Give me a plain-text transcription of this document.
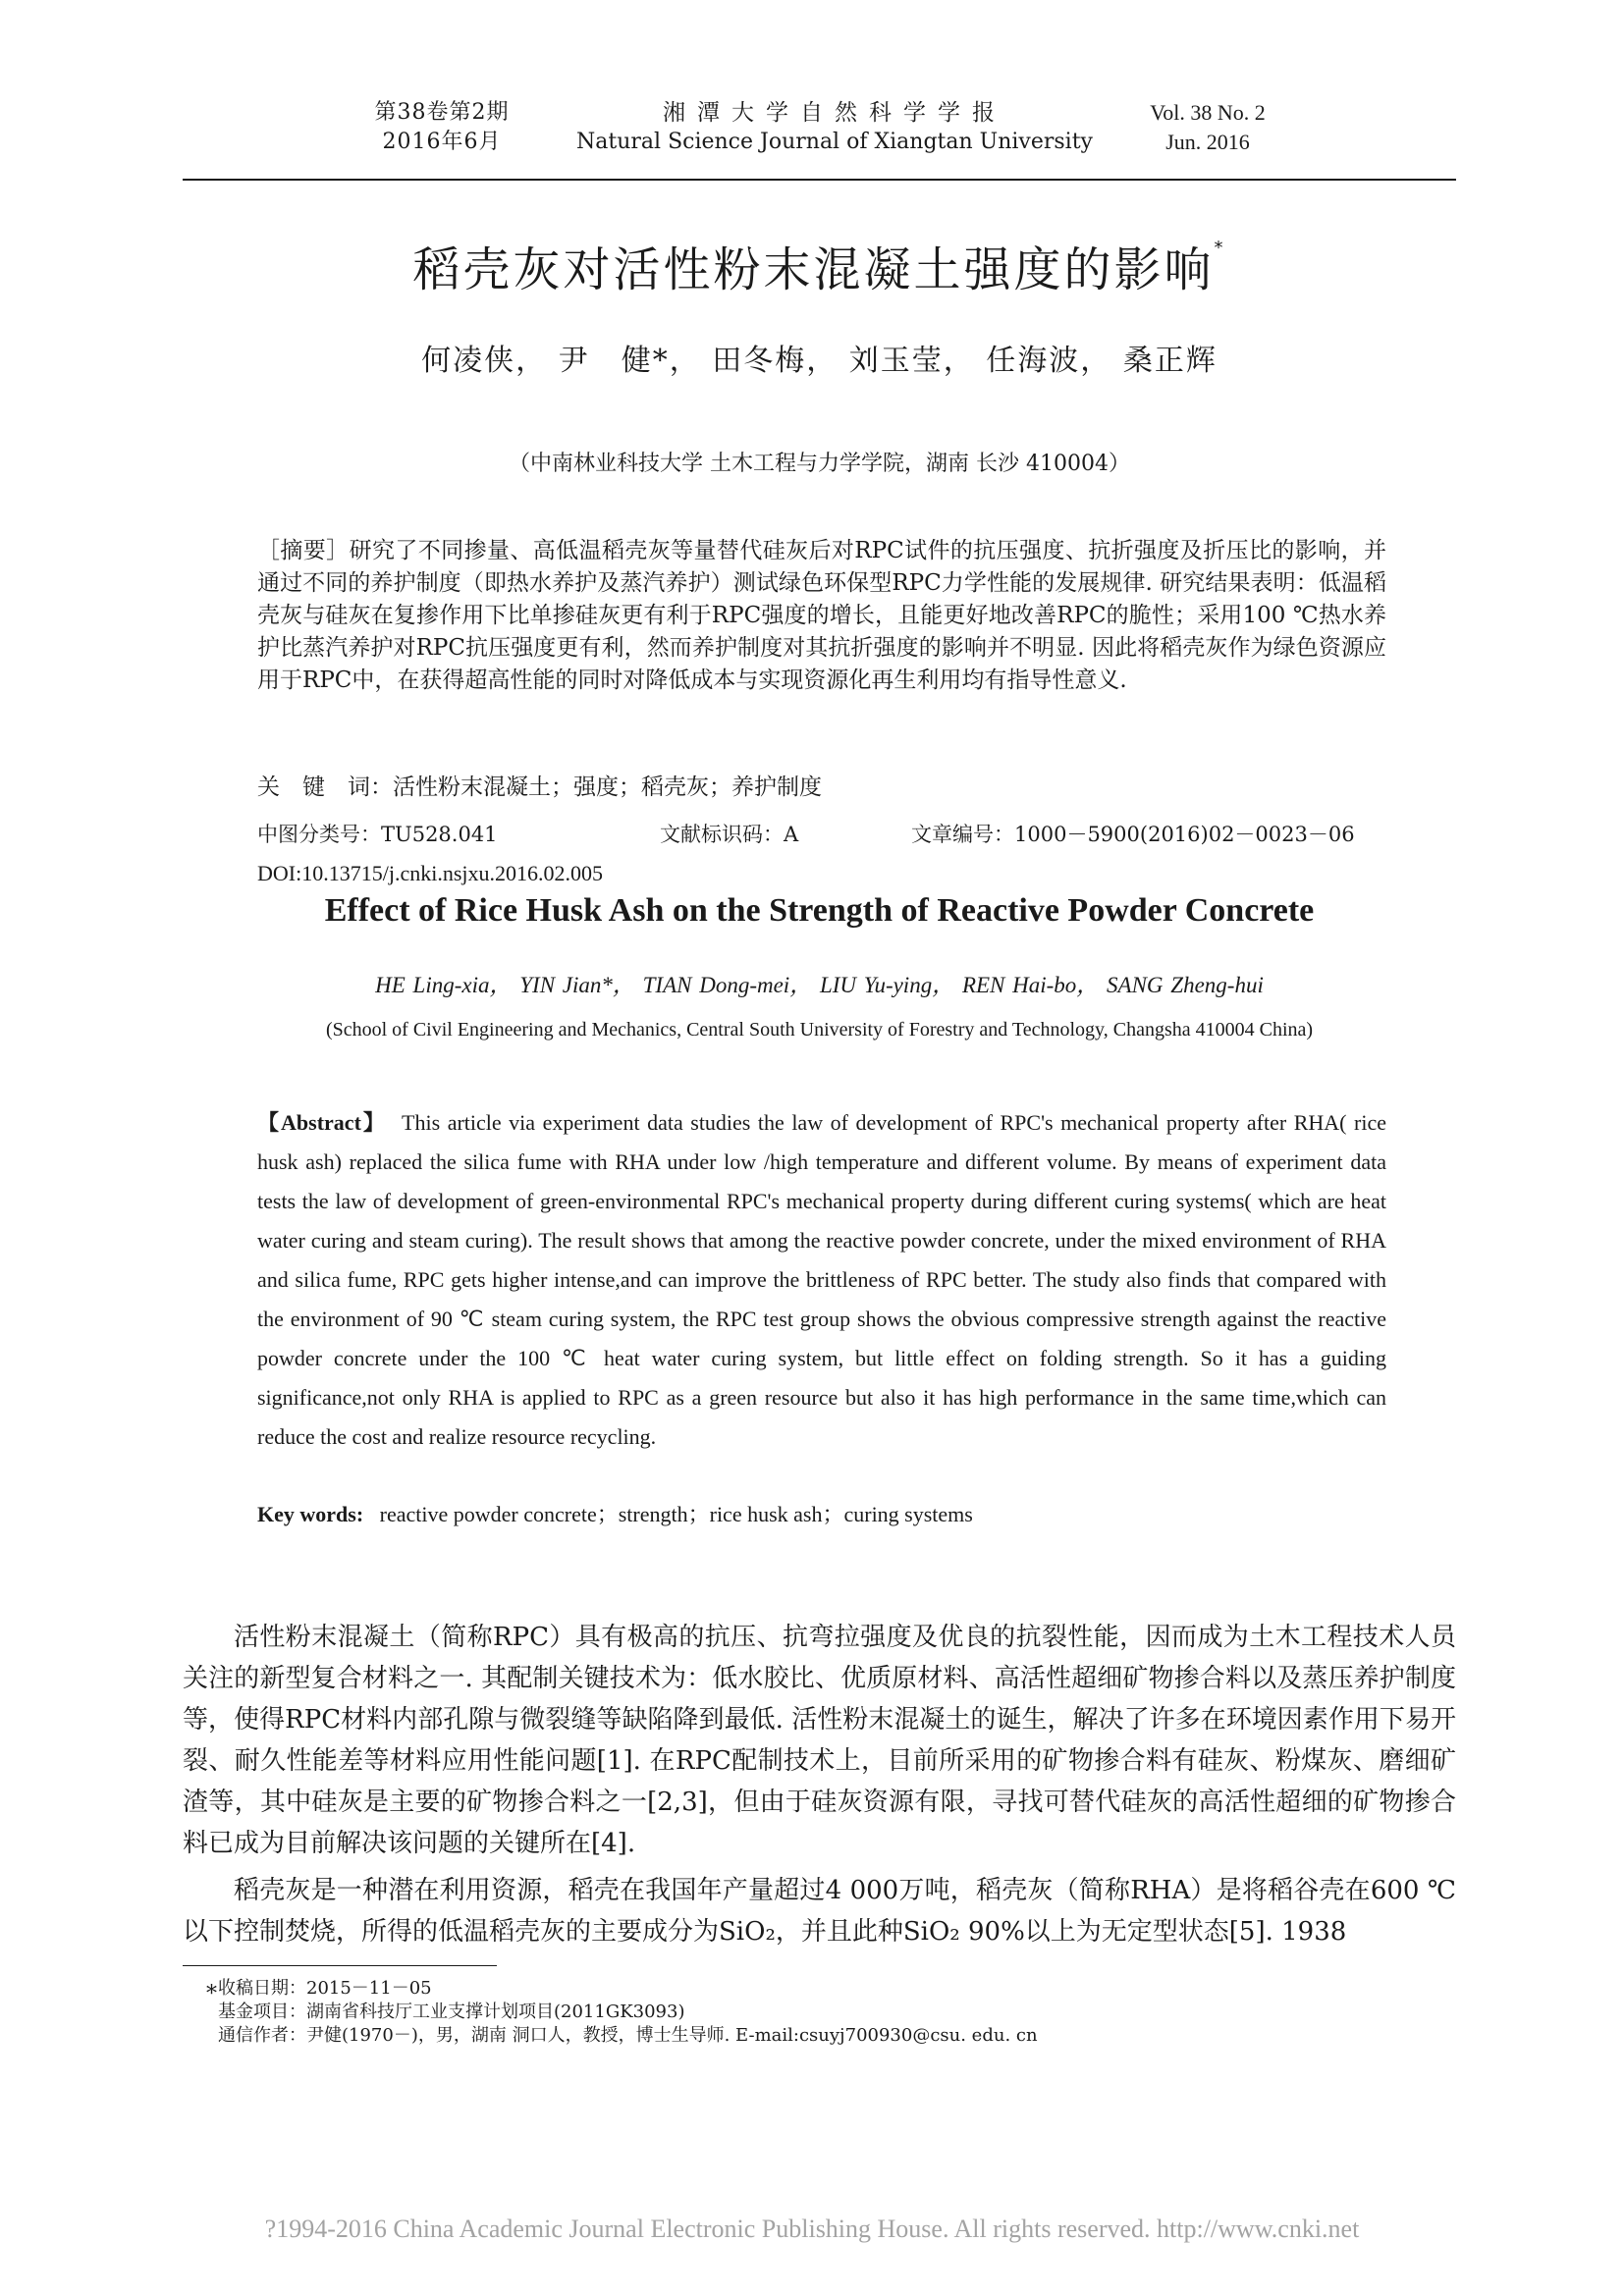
第38卷第2期
2016年6月
湘潭大学自然科学学报
Natural Science Journal of Xiangtan University
Vol. 38 No. 2
Jun. 2016
稻壳灰对活性粉末混凝土强度的影响*
何凌侠， 尹　健*， 田冬梅， 刘玉莹， 任海波， 桑正辉
（中南林业科技大学 土木工程与力学学院，湖南 长沙 410004）
［摘要］研究了不同掺量、高低温稻壳灰等量替代硅灰后对RPC试件的抗压强度、抗折强度及折压比的影响，并通过不同的养护制度（即热水养护及蒸汽养护）测试绿色环保型RPC力学性能的发展规律. 研究结果表明：低温稻壳灰与硅灰在复掺作用下比单掺硅灰更有利于RPC强度的增长，且能更好地改善RPC的脆性；采用100 ℃热水养护比蒸汽养护对RPC抗压强度更有利，然而养护制度对其抗折强度的影响并不明显. 因此将稻壳灰作为绿色资源应用于RPC中，在获得超高性能的同时对降低成本与实现资源化再生利用均有指导性意义.
关　键　词：活性粉末混凝土；强度；稻壳灰；养护制度
中图分类号：TU528.041	文献标识码：A	文章编号：1000－5900(2016)02－0023－06
DOI:10.13715/j.cnki.nsjxu.2016.02.005
Effect of Rice Husk Ash on the Strength of Reactive Powder Concrete
HE Ling-xia， YIN Jian*， TIAN Dong-mei， LIU Yu-ying， REN Hai-bo， SANG Zheng-hui
(School of Civil Engineering and Mechanics, Central South University of Forestry and Technology, Changsha 410004 China)
【Abstract】 This article via experiment data studies the law of development of RPC's mechanical property after RHA( rice husk ash) replaced the silica fume with RHA under low /high temperature and different volume. By means of experiment data tests the law of development of green-environmental RPC's mechanical property during different curing systems( which are heat water curing and steam curing). The result shows that among the reactive powder concrete, under the mixed environment of RHA and silica fume, RPC gets higher intense,and can improve the brittleness of RPC better. The study also finds that compared with the environment of 90 ℃ steam curing system, the RPC test group shows the obvious compressive strength against the reactive powder concrete under the 100 ℃ heat water curing system, but little effect on folding strength. So it has a guiding significance,not only RHA is applied to RPC as a green resource but also it has high performance in the same time,which can reduce the cost and realize resource recycling.
Key words: reactive powder concrete；strength；rice husk ash；curing systems

活性粉末混凝土（简称RPC）具有极高的抗压、抗弯拉强度及优良的抗裂性能，因而成为土木工程技术人员关注的新型复合材料之一. 其配制关键技术为：低水胶比、优质原材料、高活性超细矿物掺合料以及蒸压养护制度等，使得RPC材料内部孔隙与微裂缝等缺陷降到最低. 活性粉末混凝土的诞生，解决了许多在环境因素作用下易开裂、耐久性能差等材料应用性能问题[1]. 在RPC配制技术上，目前所采用的矿物掺合料有硅灰、粉煤灰、磨细矿渣等，其中硅灰是主要的矿物掺合料之一[2,3]，但由于硅灰资源有限，寻找可替代硅灰的高活性超细的矿物掺合料已成为目前解决该问题的关键所在[4].

稻壳灰是一种潜在利用资源，稻壳在我国年产量超过4 000万吨，稻壳灰（简称RHA）是将稻谷壳在600 ℃以下控制焚烧，所得的低温稻壳灰的主要成分为SiO₂，并且此种SiO₂ 90%以上为无定型状态[5]. 1938

* 收稿日期：2015－11－05
基金项目：湖南省科技厅工业支撑计划项目(2011GK3093)
通信作者：尹健(1970－)，男，湖南 洞口人，教授，博士生导师. E-mail:csuyj700930@csu. edu. cn
?1994-2016 China Academic Journal Electronic Publishing House. All rights reserved. http://www.cnki.net
